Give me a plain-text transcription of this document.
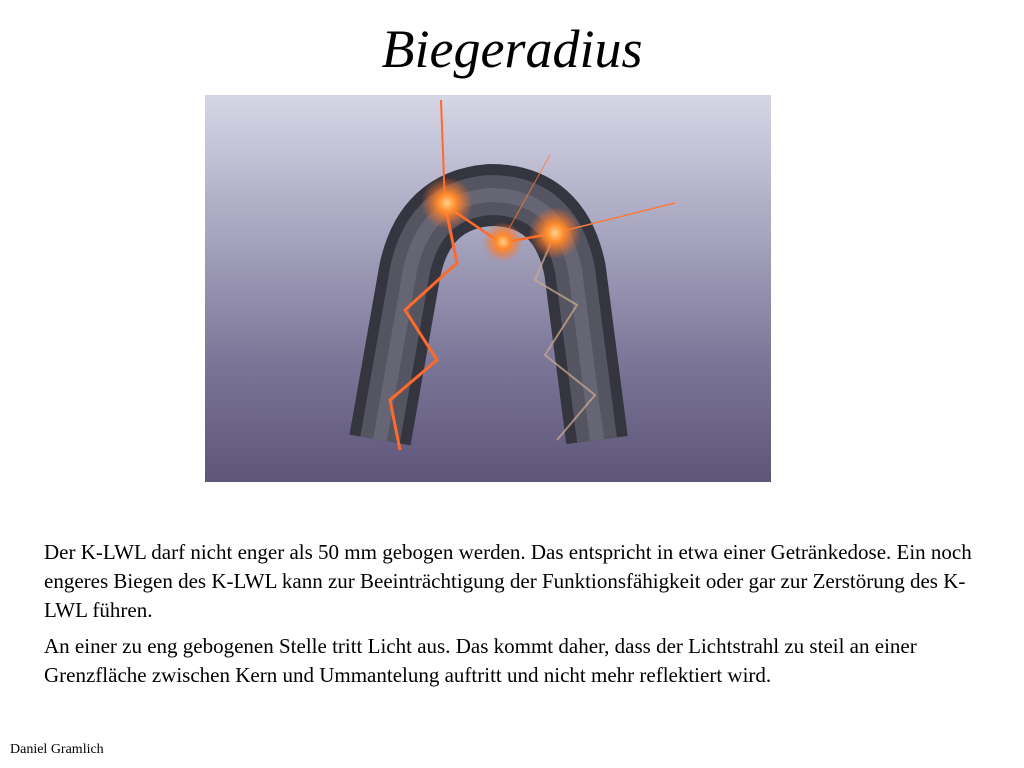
Biegeradius

Der K-LWL darf nicht enger als 50 mm gebogen werden. Das entspricht in etwa einer Getränkedose. Ein noch engeres Biegen des K-LWL kann zur Beeinträchtigung der Funktionsfähigkeit oder gar zur Zerstörung des K-LWL führen.

An einer zu eng gebogenen Stelle tritt Licht aus. Das kommt daher, dass der Lichtstrahl zu steil an einer Grenzfläche zwischen Kern und Ummantelung auftritt und nicht mehr reflektiert wird.

Daniel Gramlich
